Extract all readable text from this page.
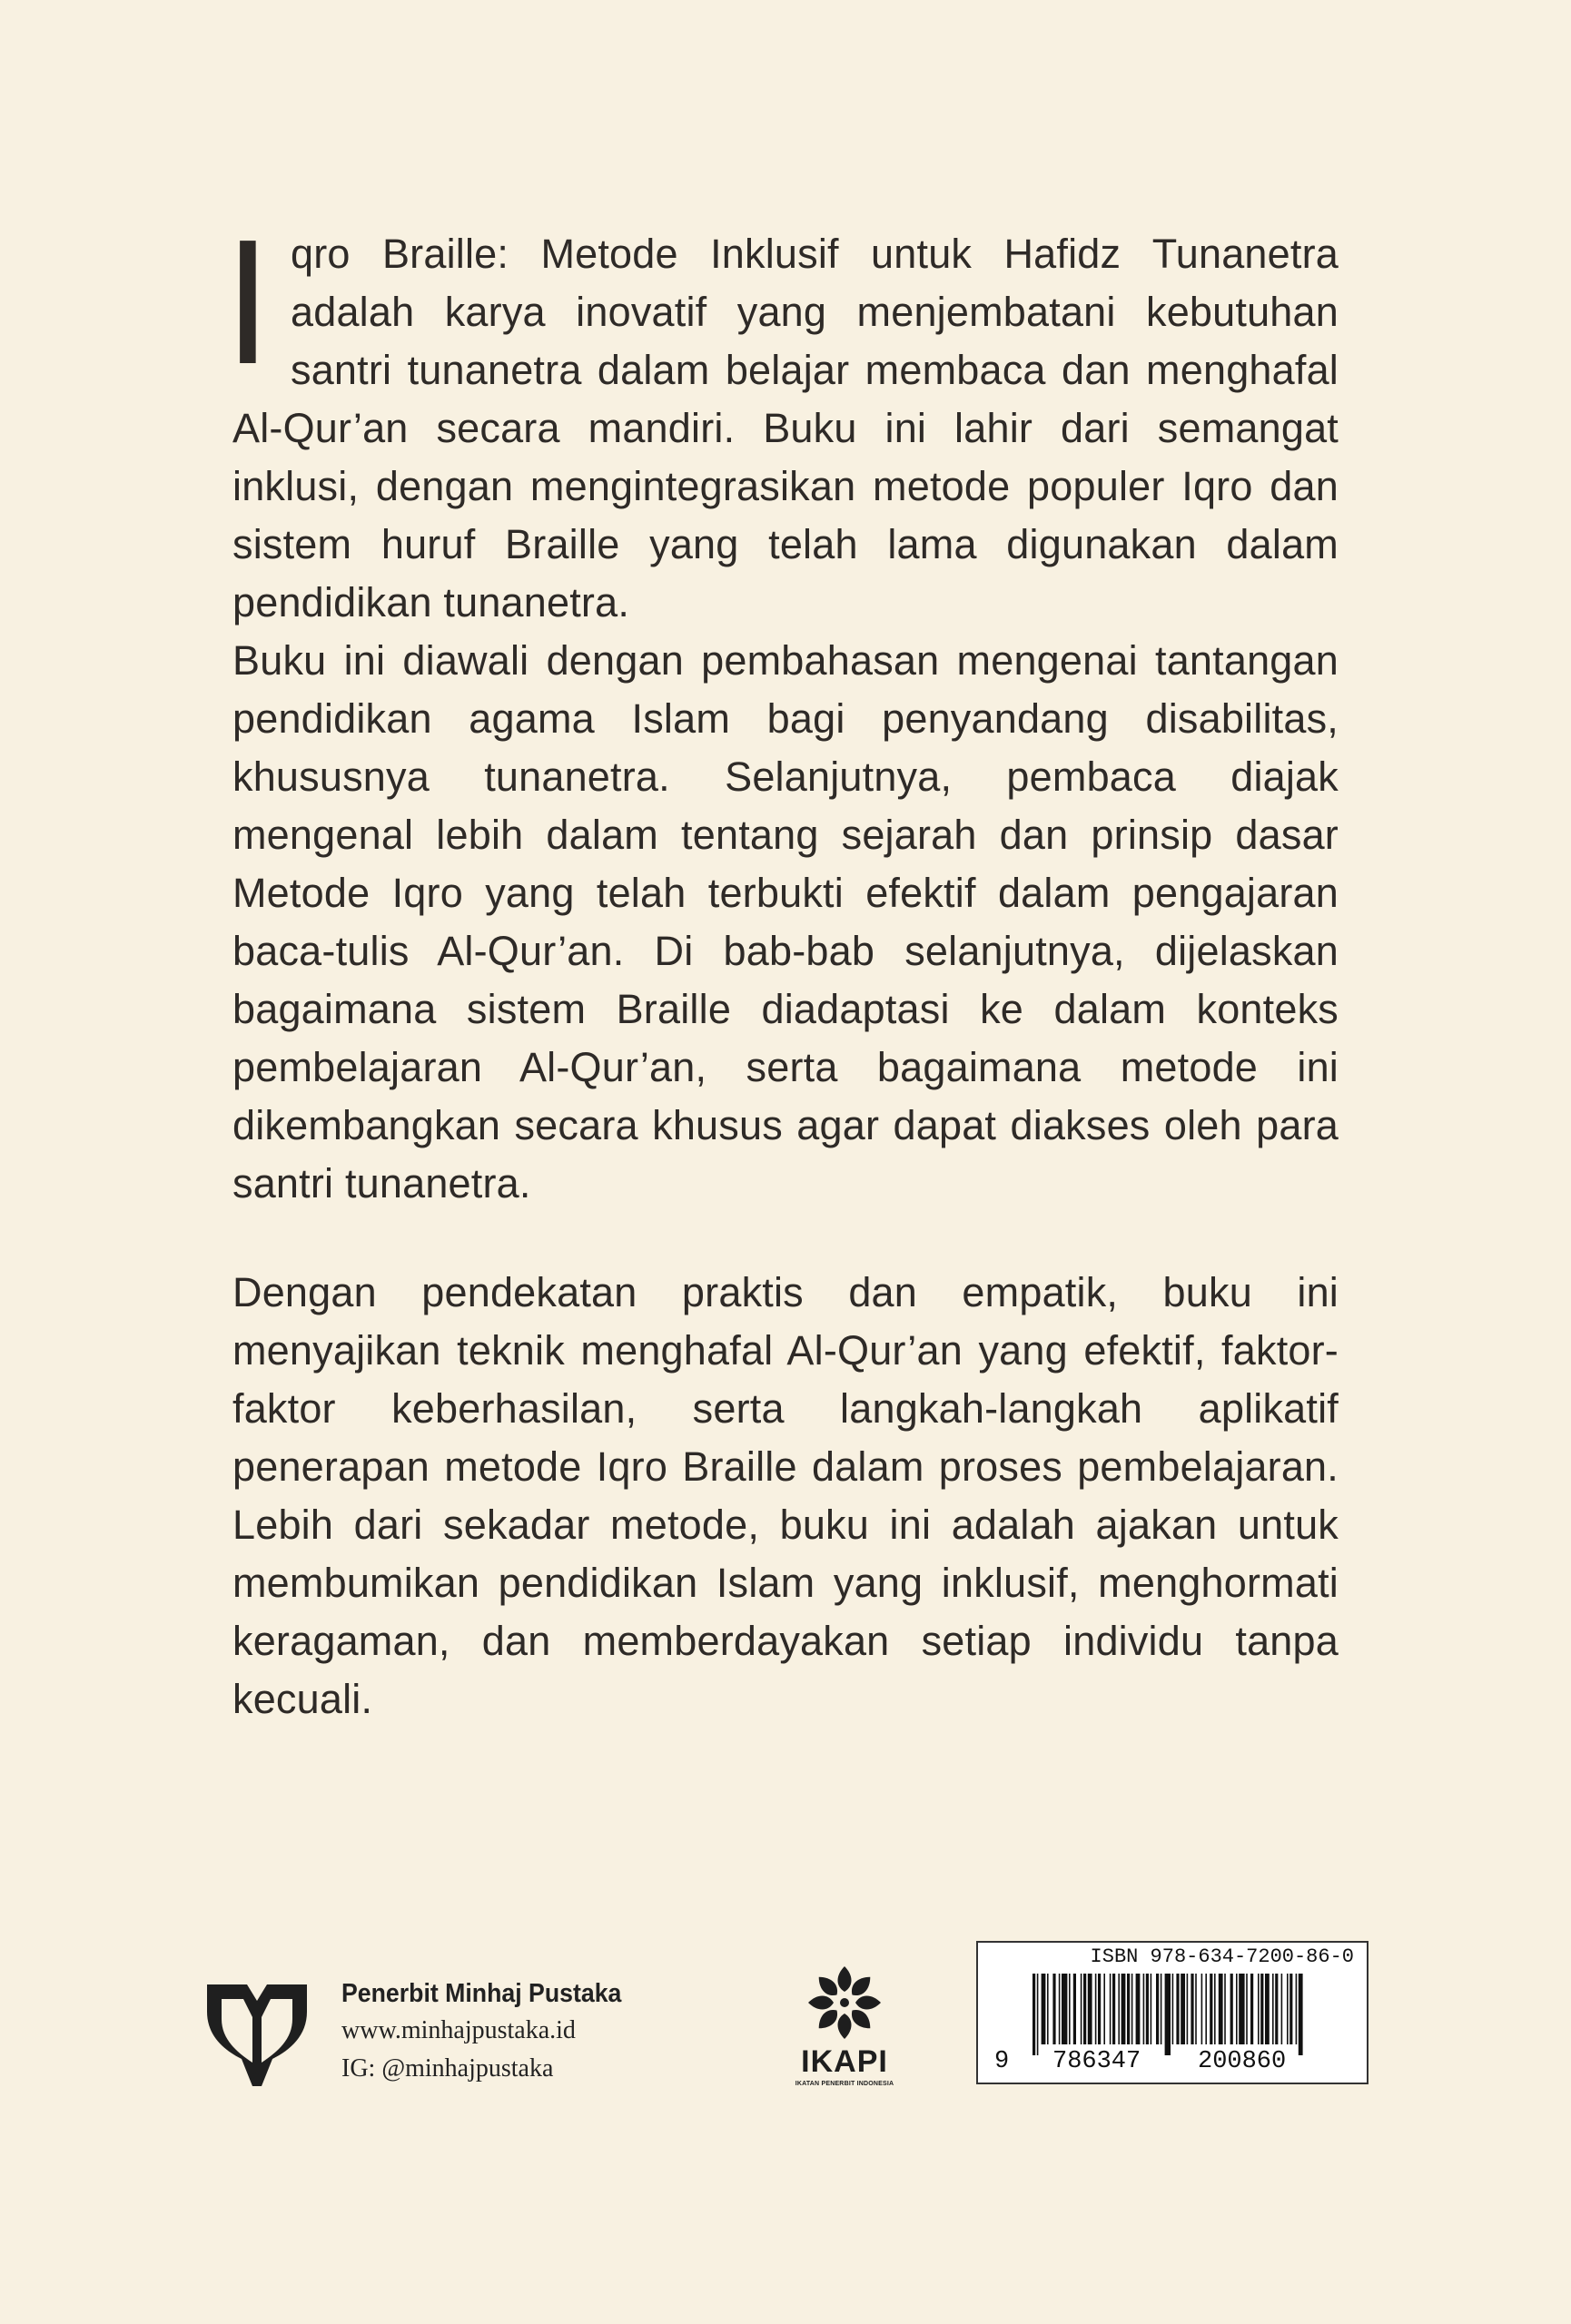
I qro Braille: Metode Inklusif untuk Hafidz Tunanetra adalah karya inovatif yang menjembatani kebutuhan santri tunanetra dalam belajar membaca dan menghafal Al-Qur’an secara mandiri. Buku ini lahir dari semangat inklusi, dengan mengintegrasikan metode populer Iqro dan sistem huruf Braille yang telah lama digunakan dalam pendidikan tunanetra.

Buku ini diawali dengan pembahasan mengenai tantangan pendidikan agama Islam bagi penyandang disabilitas, khususnya tunanetra. Selanjutnya, pembaca diajak mengenal lebih dalam tentang sejarah dan prinsip dasar Metode Iqro yang telah terbukti efektif dalam pengajaran baca-tulis Al-Qur’an. Di bab-bab selanjutnya, dijelaskan bagaimana sistem Braille diadaptasi ke dalam konteks pembelajaran Al-Qur’an, serta bagaimana metode ini dikembangkan secara khusus agar dapat diakses oleh para santri tunanetra.

Dengan pendekatan praktis dan empatik, buku ini menyajikan teknik menghafal Al-Qur’an yang efektif, faktor-faktor keberhasilan, serta langkah-langkah aplikatif penerapan metode Iqro Braille dalam proses pembelajaran. Lebih dari sekadar metode, buku ini adalah ajakan untuk membumikan pendidikan Islam yang inklusif, menghormati keragaman, dan memberdayakan setiap individu tanpa kecuali.

Penerbit Minhaj Pustaka
www.minhajpustaka.id
IG: @minhajpustaka	IKAPI
IKATAN PENERBIT INDONESIA
ISBN 978-634-7200-86-0
9 786347 200860
